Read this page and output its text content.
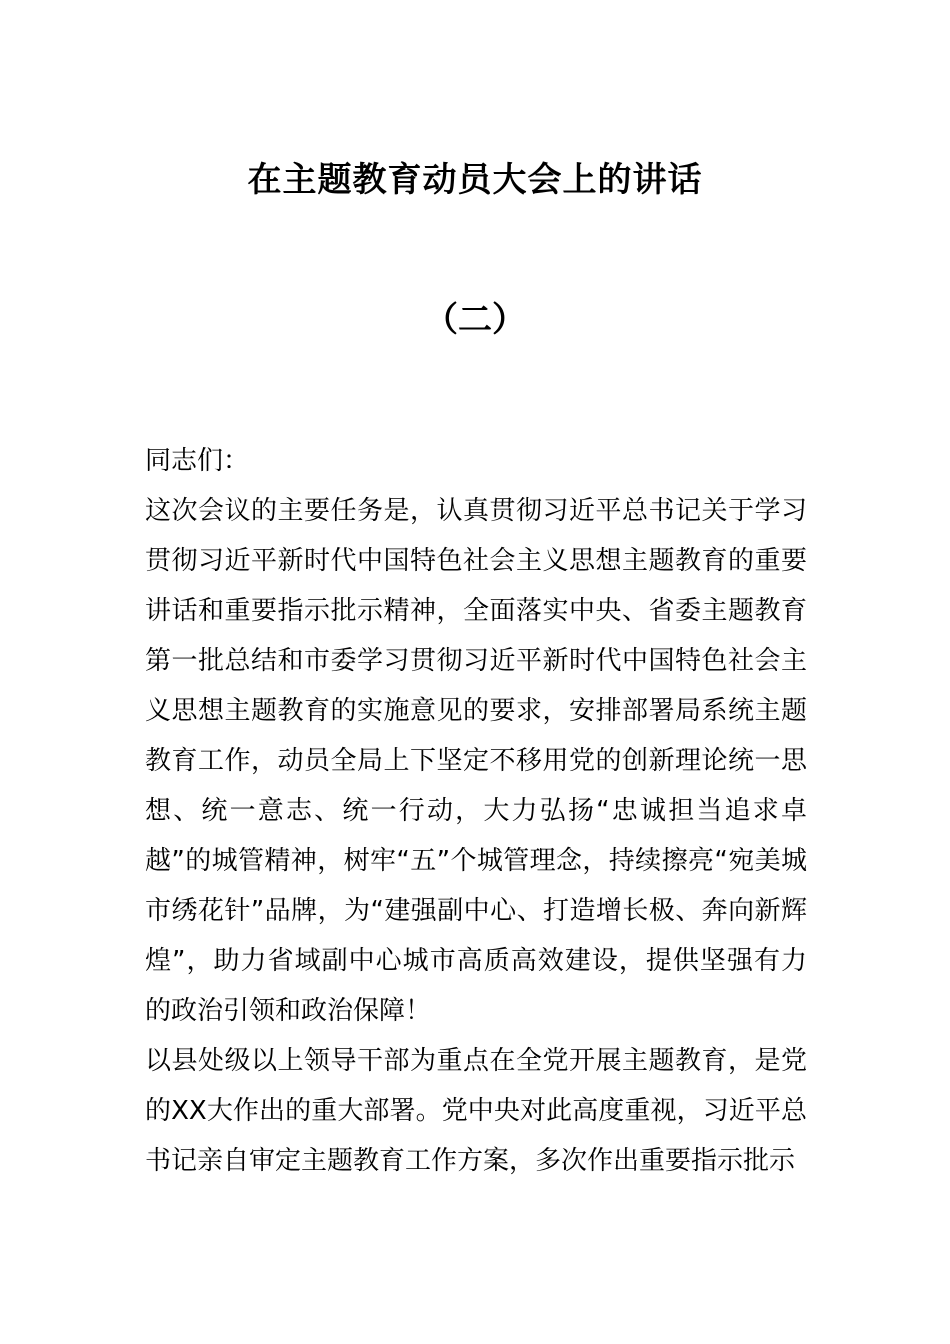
在主题教育动员大会上的讲话
（二）

同志们：

这次会议的主要任务是，认真贯彻习近平总书记关于学习贯彻习近平新时代中国特色社会主义思想主题教育的重要讲话和重要指示批示精神，全面落实中央、省委主题教育第一批总结和市委学习贯彻习近平新时代中国特色社会主义思想主题教育的实施意见的要求，安排部署局系统主题教育工作，动员全局上下坚定不移用党的创新理论统一思想、统一意志、统一行动，大力弘扬“忠诚担当追求卓越”的城管精神，树牢“五”个城管理念，持续擦亮“宛美城市绣花针”品牌，为“建强副中心、打造增长极、奔向新辉煌”，助力省域副中心城市高质高效建设，提供坚强有力的政治引领和政治保障！

以县处级以上领导干部为重点在全党开展主题教育，是党的XX大作出的重大部署。党中央对此高度重视，习近平总书记亲自审定主题教育工作方案，多次作出重要指示批示
